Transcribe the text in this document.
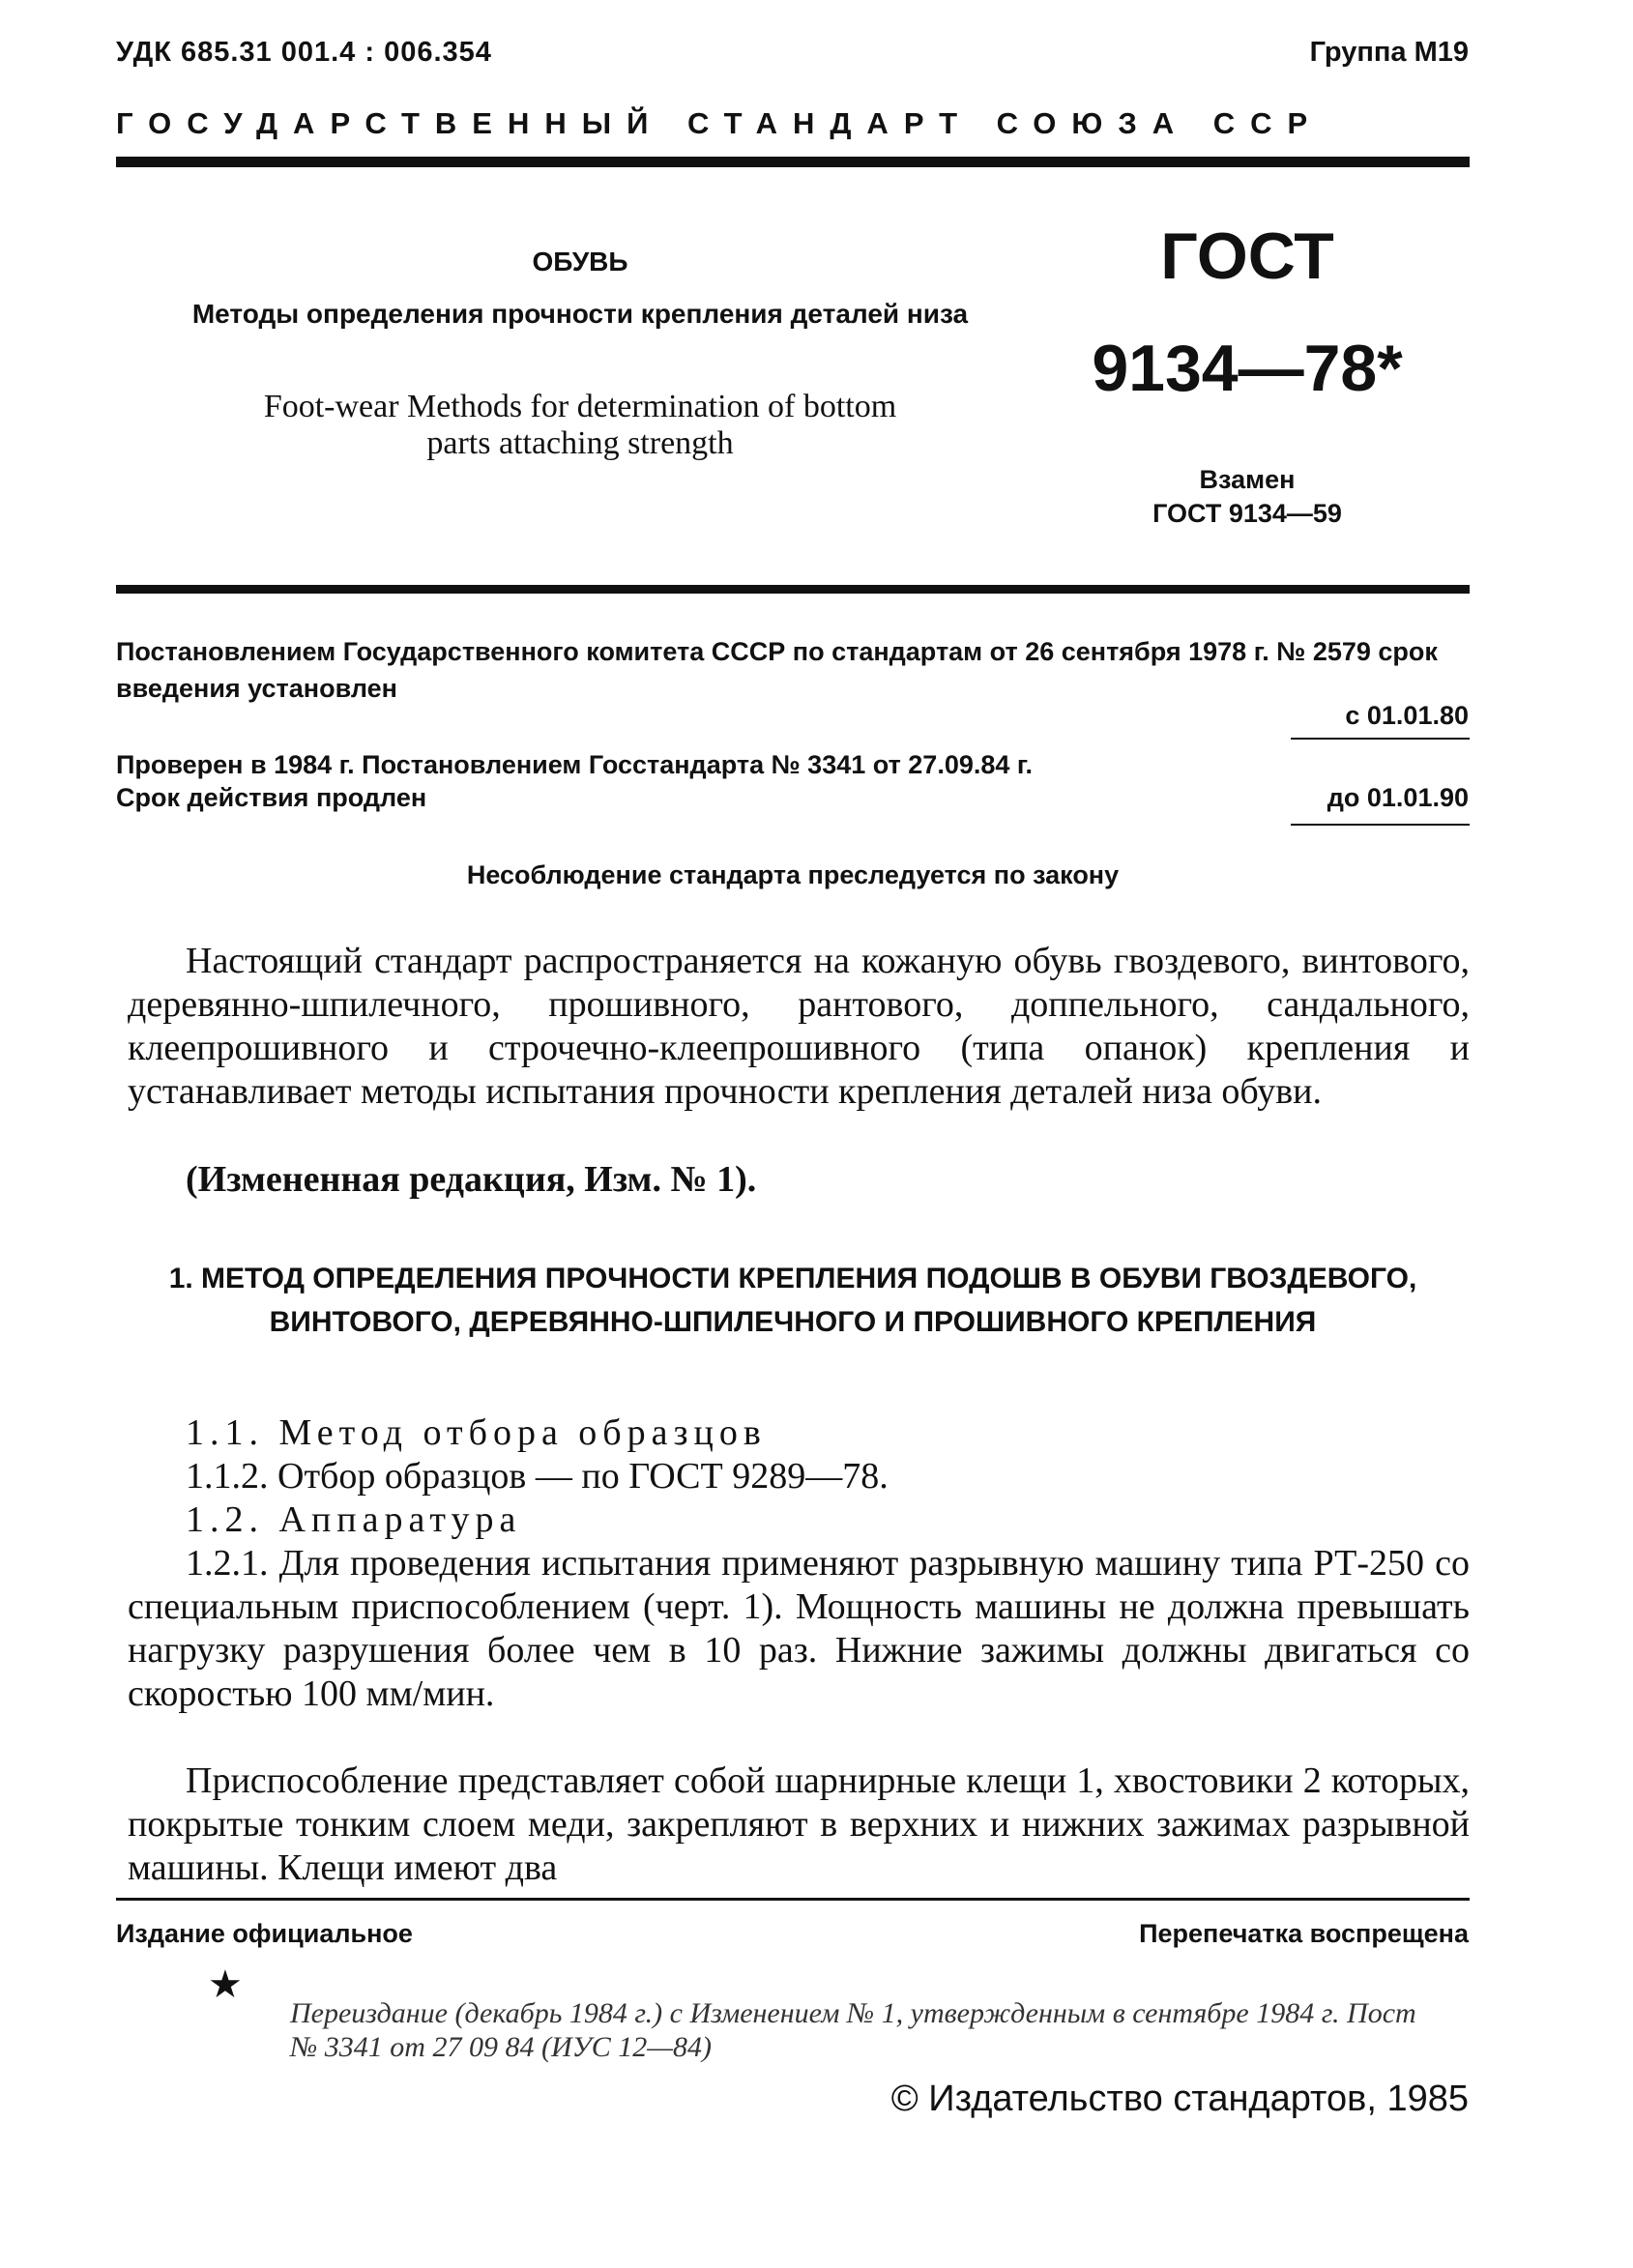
УДК 685.31 001.4 : 006.354	Группа М19
ГОСУДАРСТВЕННЫЙ СТАНДАРТ СОЮЗА ССР
ОБУВЬ
Методы определения прочности крепления деталей низа
Foot-wear Methods for determination of bottom parts attaching strength
ГОСТ
9134—78*
Взамен
ГОСТ 9134—59
Постановлением Государственного комитета СССР по стандартам от 26 сентября 1978 г. № 2579 срок введения установлен
с 01.01.80
Проверен в 1984 г. Постановлением Госстандарта № 3341 от 27.09.84 г.
Срок действия продлен	до 01.01.90
Несоблюдение стандарта преследуется по закону

Настоящий стандарт распространяется на кожаную обувь гвоздевого, винтового, деревянно-шпилечного, прошивного, рантового, доппельного, сандального, клеепрошивного и строчечно-клеепрошивного (типа опанок) крепления и устанавливает методы испытания прочности крепления деталей низа обуви.

(Измененная редакция, Изм. № 1).
1. МЕТОД ОПРЕДЕЛЕНИЯ ПРОЧНОСТИ КРЕПЛЕНИЯ ПОДОШВ В ОБУВИ ГВОЗДЕВОГО, ВИНТОВОГО, ДЕРЕВЯННО-ШПИЛЕЧНОГО И ПРОШИВНОГО КРЕПЛЕНИЯ
1.1. Метод отбора образцов
1.1.2. Отбор образцов — по ГОСТ 9289—78.
1.2. Аппаратура

1.2.1. Для проведения испытания применяют разрывную машину типа РТ-250 со специальным приспособлением (черт. 1). Мощность машины не должна превышать нагрузку разрушения более чем в 10 раз. Нижние зажимы должны двигаться со скоростью 100 мм/мин.

Приспособление представляет собой шарнирные клещи 1, хвостовики 2 которых, покрытые тонким слоем меди, закрепляют в верхних и нижних зажимах разрывной машины. Клещи имеют два

Издание официальное	Перепечатка воспрещена
★
Переиздание (декабрь 1984 г.) с Изменением № 1, утвержденным в сентябре 1984 г. Пост № 3341 от 27 09 84 (ИУС 12—84)
© Издательство стандартов, 1985
